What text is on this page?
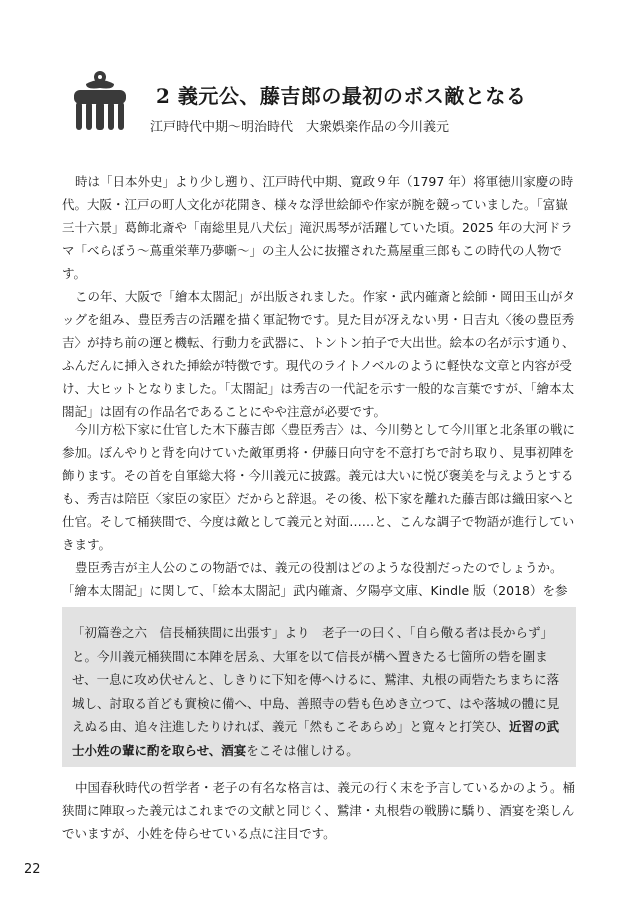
2 義元公、藤吉郎の最初のボス敵となる
江戸時代中期〜明治時代　大衆娯楽作品の今川義元

時は「日本外史」より少し遡り、江戸時代中期、寛政９年（1797 年）将軍徳川家慶の時代。大阪・江戸の町人文化が花開き、様々な浮世絵師や作家が腕を競っていました。「富嶽三十六景」葛飾北斎や「南総里見八犬伝」滝沢馬琴が活躍していた頃。2025 年の大河ドラマ「べらぼう〜蔦重栄華乃夢噺〜」の主人公に抜擢された蔦屋重三郎もこの時代の人物です。

この年、大阪で「繪本太閤記」が出版されました。作家・武内確斎と絵師・岡田玉山がタッグを組み、豊臣秀吉の活躍を描く軍記物です。見た目が冴えない男・日吉丸〈後の豊臣秀吉〉が持ち前の運と機転、行動力を武器に、トントン拍子で大出世。絵本の名が示す通り、ふんだんに挿入された挿絵が特徴です。現代のライトノベルのように軽快な文章と内容が受け、大ヒットとなりました。「太閤記」は秀吉の一代記を示す一般的な言葉ですが、「繪本太閤記」は固有の作品名であることにやや注意が必要です。

今川方松下家に仕官した木下藤吉郎〈豊臣秀吉〉は、今川勢として今川軍と北条軍の戦に参加。ぼんやりと背を向けていた敵軍勇将・伊藤日向守を不意打ちで討ち取り、見事初陣を飾ります。その首を自軍総大将・今川義元に披露。義元は大いに悦び褒美を与えようとするも、秀吉は陪臣〈家臣の家臣〉だからと辞退。その後、松下家を離れた藤吉郎は織田家へと仕官。そして桶狭間で、今度は敵として義元と対面……と、こんな調子で物語が進行していきます。

豊臣秀吉が主人公のこの物語では、義元の役割はどのような役割だったのでしょうか。「繪本太閤記」に関して、「絵本太閤記」武内確斎、夕陽亭文庫、Kindle 版（2018）を参

「初篇巻之六　信長桶狭間に出張す」より　老子一の曰く、「自ら儆る者は長からず」と。今川義元桶狭間に本陣を居ゑ、大軍を以て信長が構へ置きたる七箇所の砦を圍ませ、一息に攻め伏せんと、しきりに下知を傳へけるに、鷲津、丸根の両砦たちまちに落城し、討取る首ども實検に備へ、中島、善照寺の砦も色めき立つて、はや落城の體に見えぬる由、追々注進したりければ、義元「然もこそあらめ」と寛々と打笑ひ、近習の武士小姓の輩に酌を取らせ、酒宴をこそは催しける。

中国春秋時代の哲学者・老子の有名な格言は、義元の行く末を予言しているかのよう。桶狭間に陣取った義元はこれまでの文献と同じく、鷲津・丸根砦の戦勝に驕り、酒宴を楽しんでいますが、小姓を侍らせている点に注目です。

22
